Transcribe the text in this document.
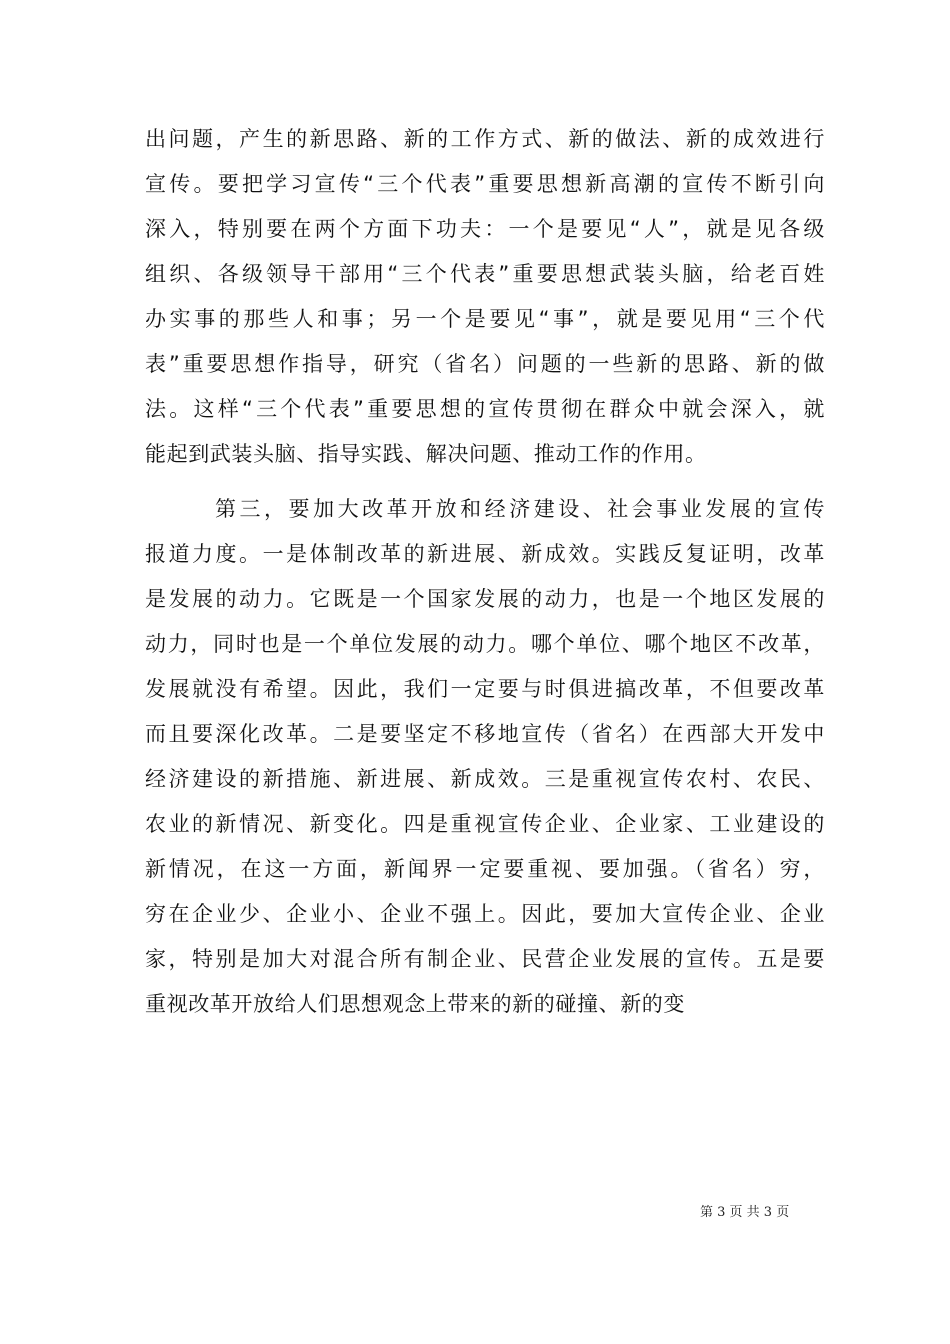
出问题，产生的新思路、新的工作方式、新的做法、新的成效进行
宣传。要把学习宣传“三个代表”重要思想新高潮的宣传不断引向
深入，特别要在两个方面下功夫：一个是要见“人”，就是见各级
组织、各级领导干部用“三个代表”重要思想武装头脑，给老百姓
办实事的那些人和事；另一个是要见“事”，就是要见用“三个代
表”重要思想作指导，研究（省名）问题的一些新的思路、新的做
法。这样“三个代表”重要思想的宣传贯彻在群众中就会深入，就
能起到武装头脑、指导实践、解决问题、推动工作的作用。
第三，要加大改革开放和经济建设、社会事业发展的宣传
报道力度。一是体制改革的新进展、新成效。实践反复证明，改革
是发展的动力。它既是一个国家发展的动力，也是一个地区发展的
动力，同时也是一个单位发展的动力。哪个单位、哪个地区不改革，
发展就没有希望。因此，我们一定要与时俱进搞改革，不但要改革
而且要深化改革。二是要坚定不移地宣传（省名）在西部大开发中
经济建设的新措施、新进展、新成效。三是重视宣传农村、农民、
农业的新情况、新变化。四是重视宣传企业、企业家、工业建设的
新情况，在这一方面，新闻界一定要重视、要加强。（省名）穷，
穷在企业少、企业小、企业不强上。因此，要加大宣传企业、企业
家，特别是加大对混合所有制企业、民营企业发展的宣传。五是要
重视改革开放给人们思想观念上带来的新的碰撞、新的变
第 3 页 共 3 页
